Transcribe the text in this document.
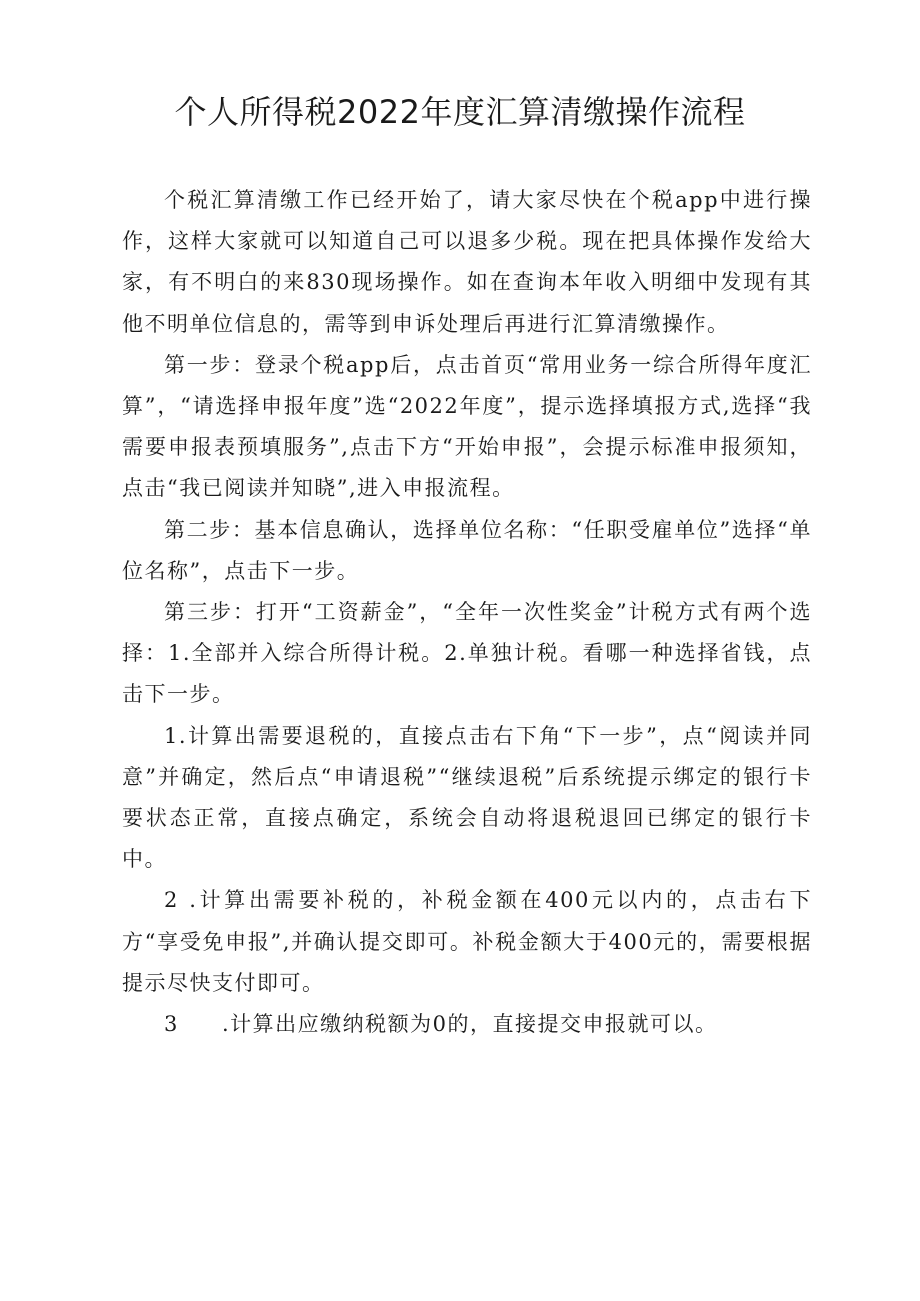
个人所得税2022年度汇算清缴操作流程

个税汇算清缴工作已经开始了，请大家尽快在个税app中进行操作，这样大家就可以知道自己可以退多少税。现在把具体操作发给大家，有不明白的来830现场操作。如在查询本年收入明细中发现有其他不明单位信息的，需等到申诉处理后再进行汇算清缴操作。

第一步：登录个税app后，点击首页“常用业务一综合所得年度汇算”，“请选择申报年度”选“2022年度”，提示选择填报方式,选择“我需要申报表预填服务”,点击下方“开始申报”，会提示标准申报须知，点击“我已阅读并知晓”,进入申报流程。

第二步：基本信息确认，选择单位名称：“任职受雇单位”选择“单位名称”，点击下一步。

第三步：打开“工资薪金”，“全年一次性奖金”计税方式有两个选择：1.全部并入综合所得计税。2.单独计税。看哪一种选择省钱，点击下一步。

1.计算出需要退税的，直接点击右下角“下一步”，点“阅读并同意”并确定，然后点“申请退税”“继续退税”后系统提示绑定的银行卡要状态正常，直接点确定，系统会自动将退税退回已绑定的银行卡中。

2 .计算出需要补税的，补税金额在400元以内的，点击右下方“享受免申报”,并确认提交即可。补税金额大于400元的，需要根据提示尽快支付即可。

3 .计算出应缴纳税额为0的，直接提交申报就可以。
